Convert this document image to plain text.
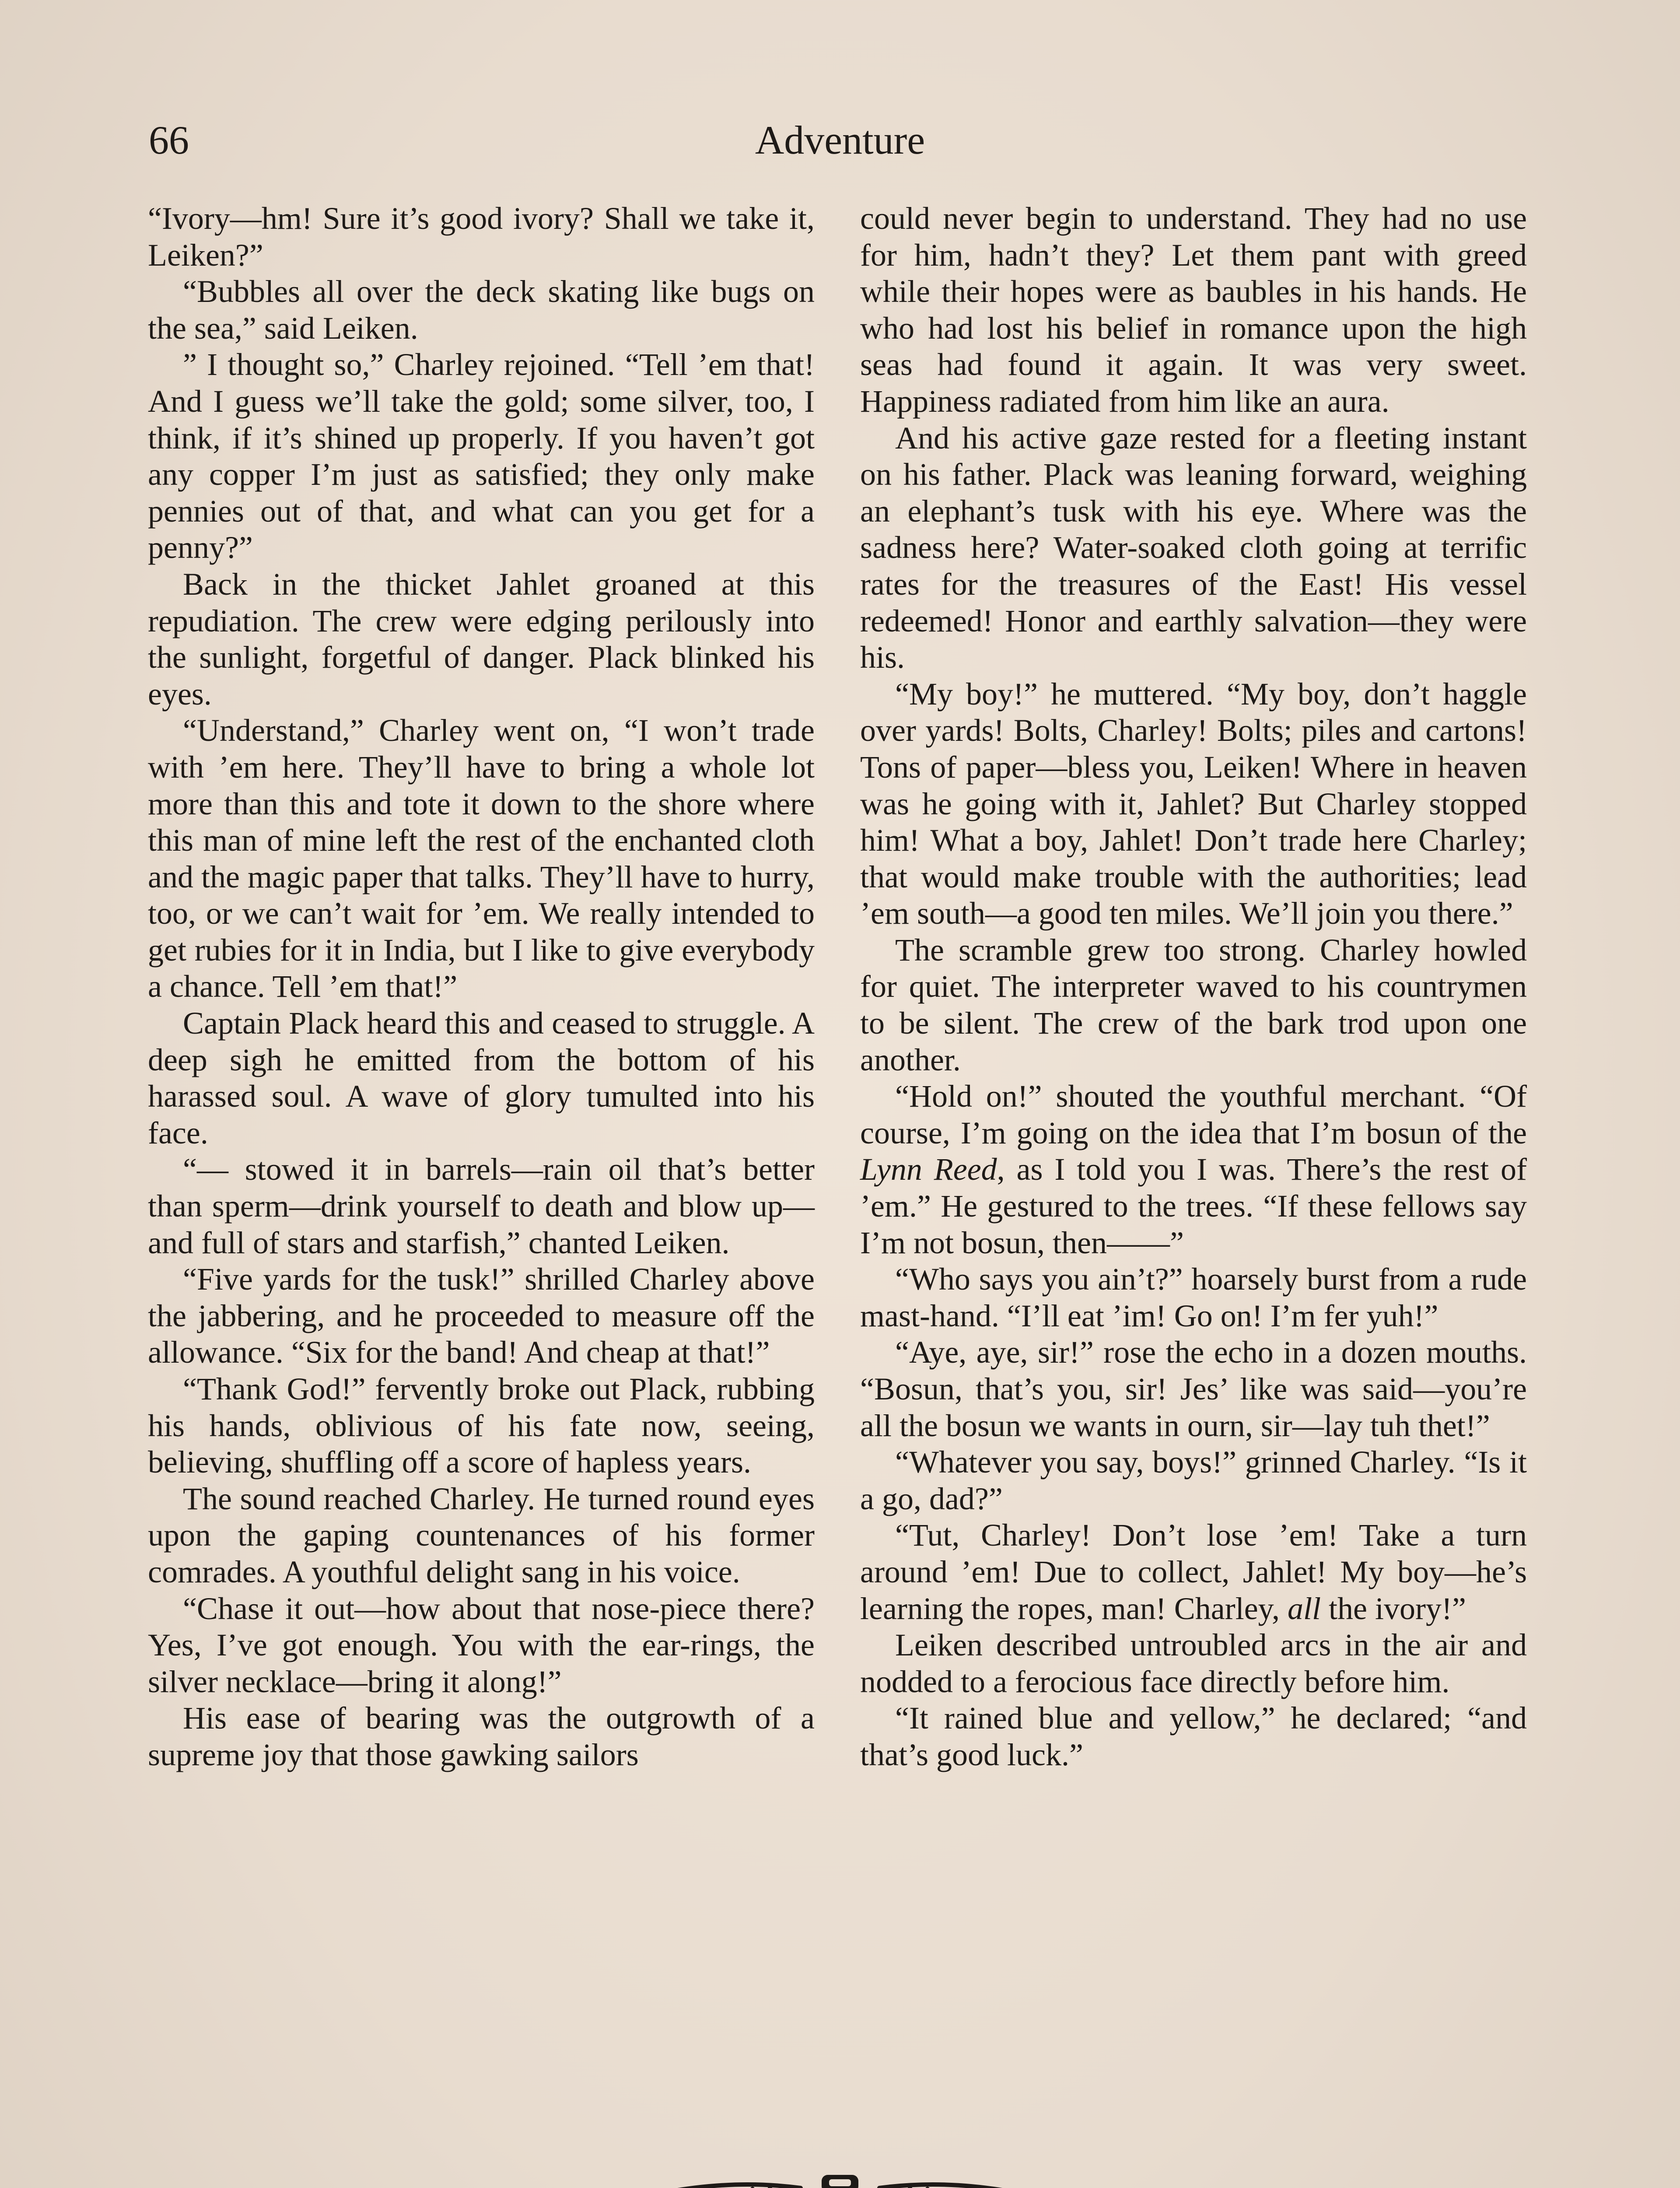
66	Adventure

“Ivory—hm! Sure it’s good ivory? Shall we take it, Leiken?”

“Bubbles all over the deck skating like bugs on the sea,” said Leiken.

” I thought so,” Charley rejoined. “Tell ’em that! And I guess we’ll take the gold; some silver, too, I think, if it’s shined up properly. If you haven’t got any copper I’m just as satisfied; they only make pennies out of that, and what can you get for a penny?”

Back in the thicket Jahlet groaned at this repudiation. The crew were edging perilously into the sunlight, forgetful of danger. Plack blinked his eyes.

“Understand,” Charley went on, “I won’t trade with ’em here. They’ll have to bring a whole lot more than this and tote it down to the shore where this man of mine left the rest of the enchanted cloth and the magic paper that talks. They’ll have to hurry, too, or we can’t wait for ’em. We really intended to get rubies for it in India, but I like to give everybody a chance. Tell ’em that!”

Captain Plack heard this and ceased to struggle. A deep sigh he emitted from the bottom of his harassed soul. A wave of glory tumulted into his face.

“— stowed it in barrels—rain oil that’s better than sperm—drink yourself to death and blow up—and full of stars and starfish,” chanted Leiken.

“Five yards for the tusk!” shrilled Charley above the jabbering, and he proceeded to measure off the allowance. “Six for the band! And cheap at that!”

“Thank God!” fervently broke out Plack, rubbing his hands, oblivious of his fate now, seeing, believing, shuffling off a score of hapless years.

The sound reached Charley. He turned round eyes upon the gaping countenances of his former comrades. A youthful delight sang in his voice.

“Chase it out—how about that nose-piece there? Yes, I’ve got enough. You with the ear-rings, the silver necklace—bring it along!”

His ease of bearing was the outgrowth of a supreme joy that those gawking sailors

could never begin to understand. They had no use for him, hadn’t they? Let them pant with greed while their hopes were as baubles in his hands. He who had lost his belief in romance upon the high seas had found it again. It was very sweet. Happiness radiated from him like an aura.

And his active gaze rested for a fleeting instant on his father. Plack was leaning forward, weighing an elephant’s tusk with his eye. Where was the sadness here? Water-soaked cloth going at terrific rates for the treasures of the East! His vessel redeemed! Honor and earthly salvation—they were his.

“My boy!” he muttered. “My boy, don’t haggle over yards! Bolts, Charley! Bolts; piles and cartons! Tons of paper—bless you, Leiken! Where in heaven was he going with it, Jahlet? But Charley stopped him! What a boy, Jahlet! Don’t trade here Charley; that would make trouble with the authorities; lead ’em south—a good ten miles. We’ll join you there.”

The scramble grew too strong. Charley howled for quiet. The interpreter waved to his countrymen to be silent. The crew of the bark trod upon one another.

“Hold on!” shouted the youthful merchant. “Of course, I’m going on the idea that I’m bosun of the Lynn Reed, as I told you I was. There’s the rest of ’em.” He gestured to the trees. “If these fellows say I’m not bosun, then——”

“Who says you ain’t?” hoarsely burst from a rude mast-hand. “I’ll eat ’im! Go on! I’m fer yuh!”

“Aye, aye, sir!” rose the echo in a dozen mouths. “Bosun, that’s you, sir! Jes’ like was said—you’re all the bosun we wants in ourn, sir—lay tuh thet!”

“Whatever you say, boys!” grinned Charley. “Is it a go, dad?”

“Tut, Charley! Don’t lose ’em! Take a turn around ’em! Due to collect, Jahlet! My boy—he’s learning the ropes, man! Charley, all the ivory!”

Leiken described untroubled arcs in the air and nodded to a ferocious face directly before him.

“It rained blue and yellow,” he declared; “and that’s good luck.”
